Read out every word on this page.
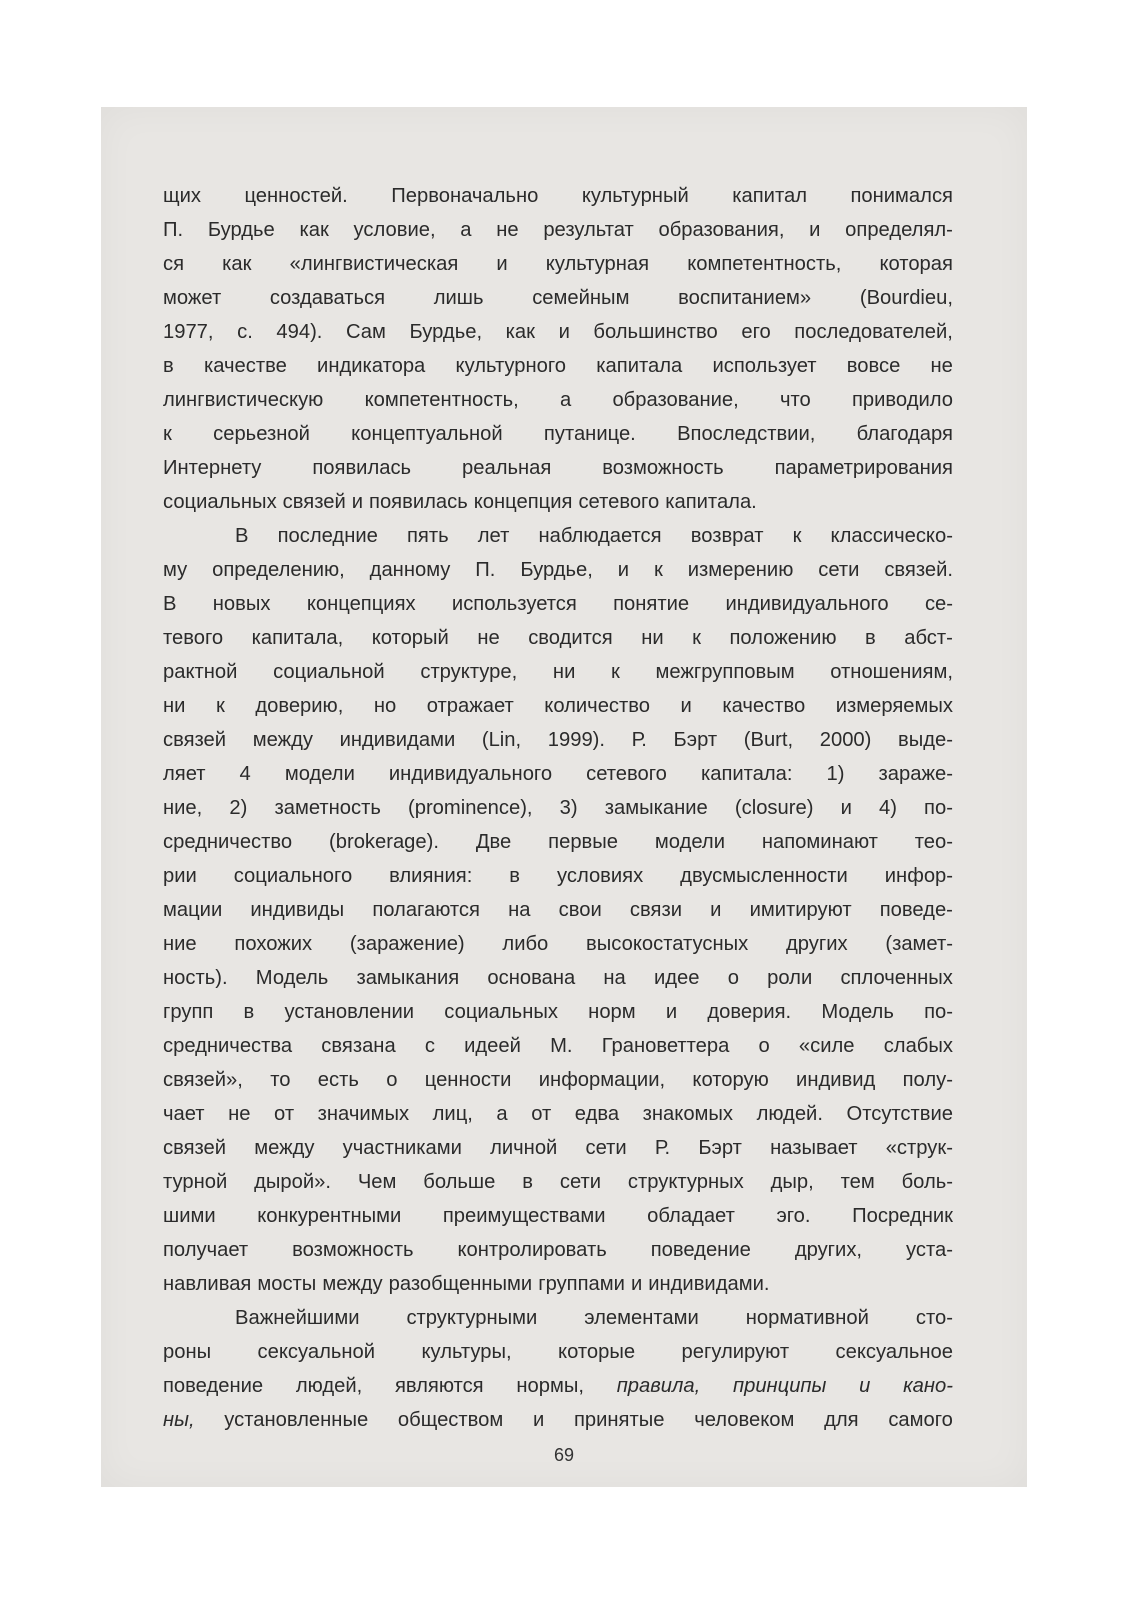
щих ценностей. Первоначально культурный капитал понимался
П. Бурдье как условие, а не результат образования, и определял-
ся как «лингвистическая и культурная компетентность, которая
может создаваться лишь семейным воспитанием» (Bourdieu,
1977, с. 494). Сам Бурдье, как и большинство его последователей,
в качестве индикатора культурного капитала использует вовсе не
лингвистическую компетентность, а образование, что приводило
к серьезной концептуальной путанице. Впоследствии, благодаря
Интернету	появилась	реальная	возможность	параметрирования
социальных связей и появилась концепция сетевого капитала.
В последние пять лет наблюдается возврат к классическо-
му определению, данному П. Бурдье, и к измерению сети связей.
В новых концепциях используется понятие индивидуального се-
тевого капитала, который не сводится ни к положению в абст-
рактной социальной структуре, ни к межгрупповым отношениям,
ни к доверию, но отражает количество и качество измеряемых
связей между индивидами (Lin, 1999). Р. Бэрт (Burt, 2000) выде-
ляет 4 модели индивидуального сетевого капитала: 1) зараже-
ние, 2) заметность (prominence), 3) замыкание (closure) и 4) по-
средничество (brokerage). Две первые модели напоминают тео-
рии социального влияния: в условиях двусмысленности инфор-
мации индивиды полагаются на свои связи и имитируют поведе-
ние похожих (заражение) либо высокостатусных других (замет-
ность). Модель замыкания основана на идее о роли сплоченных
групп в установлении социальных норм и доверия. Модель по-
средничества связана с идеей М. Грановеттера о «силе слабых
связей», то есть о ценности информации, которую индивид полу-
чает не от значимых лиц, а от едва знакомых людей. Отсутствие
связей между участниками личной сети Р. Бэрт называет «струк-
турной дырой». Чем больше в сети структурных дыр, тем боль-
шими конкурентными преимуществами обладает эго. Посредник
получает возможность контролировать поведение других, уста-
навливая мосты между разобщенными группами и индивидами.
Важнейшими структурными элементами нормативной сто-
роны сексуальной культуры, которые регулируют сексуальное
поведение людей, являются нормы, правила, принципы и кано-
ны, установленные обществом и принятые человеком для самого
69
